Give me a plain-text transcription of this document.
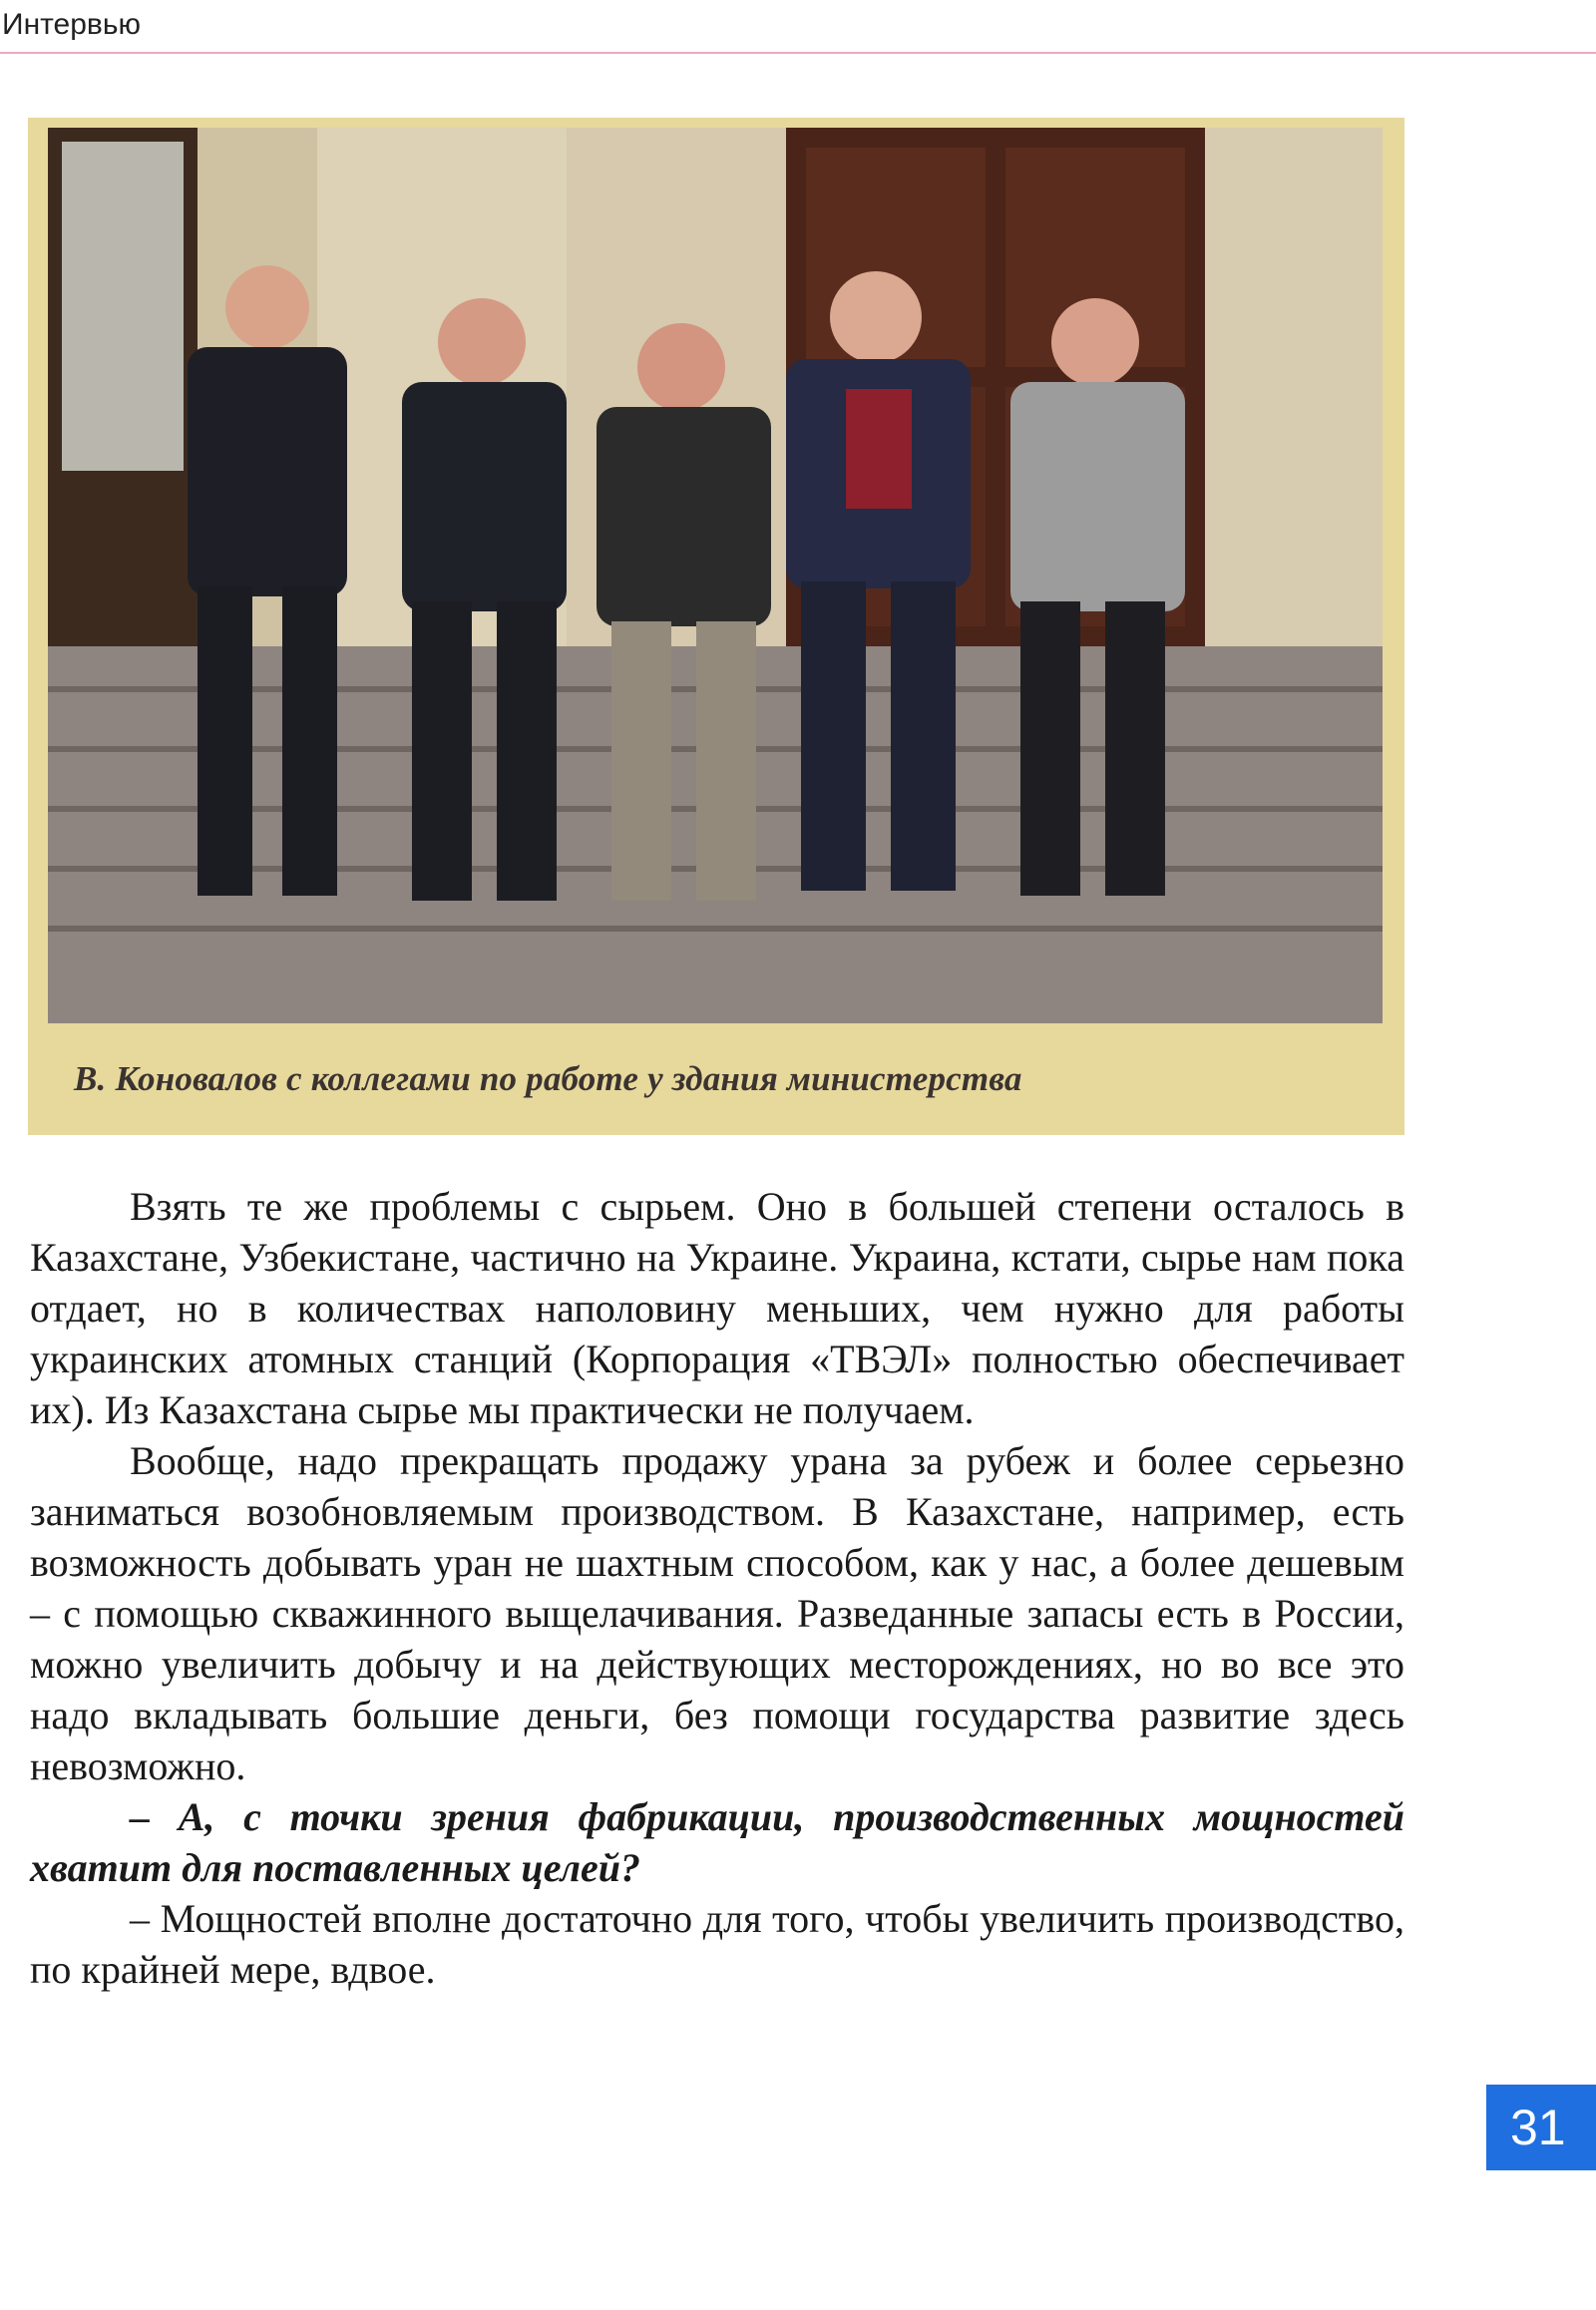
Интервью
В. Коновалов с коллегами по работе у здания министерства

Взять те же проблемы с сырьем. Оно в большей степени осталось в Казахстане, Узбекистане, частично на Украине. Украина, кстати, сырье нам пока отдает, но в количествах наполовину меньших, чем нужно для работы украинских атомных станций (Корпорация «ТВЭЛ» полностью обеспечивает их). Из Казахстана сырье мы практически не получаем.

Вообще, надо прекращать продажу урана за рубеж и более серьезно заниматься возобновляемым производством. В Казахстане, например, есть возможность добывать уран не шахтным способом, как у нас, а более дешевым – с помощью скважинного выщелачивания. Разведанные запасы есть в России, можно увеличить добычу и на действующих месторождениях, но во все это надо вкладывать большие деньги, без помощи государства развитие здесь невозможно.

– А, с точки зрения фабрикации, производственных мощностей хватит для поставленных целей?

– Мощностей вполне достаточно для того, чтобы увеличить производство, по крайней мере, вдвое.

31
